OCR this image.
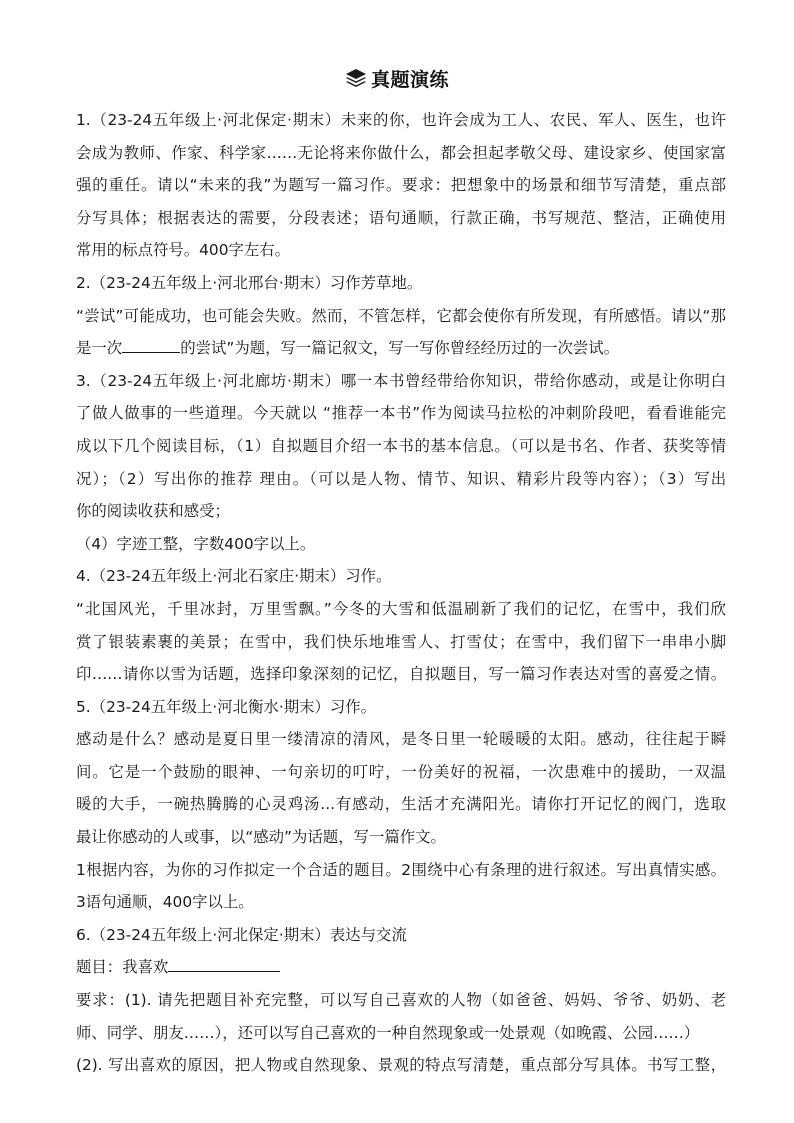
真题演练
1.（23-24五年级上·河北保定·期末）未来的你，也许会成为工人、农民、军人、医生，也许
会成为教师、作家、科学家……无论将来你做什么，都会担起孝敬父母、建设家乡、使国家富
强的重任。请以“未来的我”为题写一篇习作。要求：把想象中的场景和细节写清楚，重点部
分写具体；根据表达的需要，分段表述；语句通顺，行款正确，书写规范、整洁，正确使用
常用的标点符号。400字左右。
2.（23-24五年级上·河北邢台·期末）习作芳草地。
“尝试”可能成功，也可能会失败。然而，不管怎样，它都会使你有所发现，有所感悟。请以“那
是一次	的尝试”为题，写一篇记叙文，写一写你曾经经历过的一次尝试。
3.（23-24五年级上·河北廊坊·期末）哪一本书曾经带给你知识，带给你感动，或是让你明白
了做人做事的一些道理。今天就以 “推荐一本书”作为阅读马拉松的冲刺阶段吧，看看谁能完
成以下几个阅读目标，（1）自拟题目介绍一本书的基本信息。（可以是书名、作者、获奖等情
况）；（2）写出你的推荐 理由。（可以是人物、情节、知识、精彩片段等内容）；（3）写出
你的阅读收获和感受；
（4）字迹工整，字数400字以上。
4.（23-24五年级上·河北石家庄·期末）习作。
“北国风光，千里冰封，万里雪飘。”今冬的大雪和低温刷新了我们的记忆，在雪中，我们欣
赏了银装素裹的美景；在雪中，我们快乐地堆雪人、打雪仗；在雪中，我们留下一串串小脚
印……请你以雪为话题，选择印象深刻的记忆，自拟题目，写一篇习作表达对雪的喜爱之情。
5.（23-24五年级上·河北衡水·期末）习作。
感动是什么？感动是夏日里一缕清凉的清风，是冬日里一轮暖暖的太阳。感动，往往起于瞬
间。它是一个鼓励的眼神、一句亲切的叮咛，一份美好的祝福，一次患难中的援助，一双温
暖的大手，一碗热腾腾的心灵鸡汤...有感动，生活才充满阳光。请你打开记忆的阀门，选取
最让你感动的人或事，以“感动”为话题，写一篇作文。
1根据内容，为你的习作拟定一个合适的题目。2围绕中心有条理的进行叙述。写出真情实感。
3语句通顺，400字以上。
6.（23-24五年级上·河北保定·期末）表达与交流
题目：我喜欢
要求：(1). 请先把题目补充完整，可以写自己喜欢的人物（如爸爸、妈妈、爷爷、奶奶、老
师、同学、朋友……），还可以写自己喜欢的一种自然现象或一处景观（如晚霞、公园……）
(2). 写出喜欢的原因，把人物或自然现象、景观的特点写清楚，重点部分写具体。书写工整，
